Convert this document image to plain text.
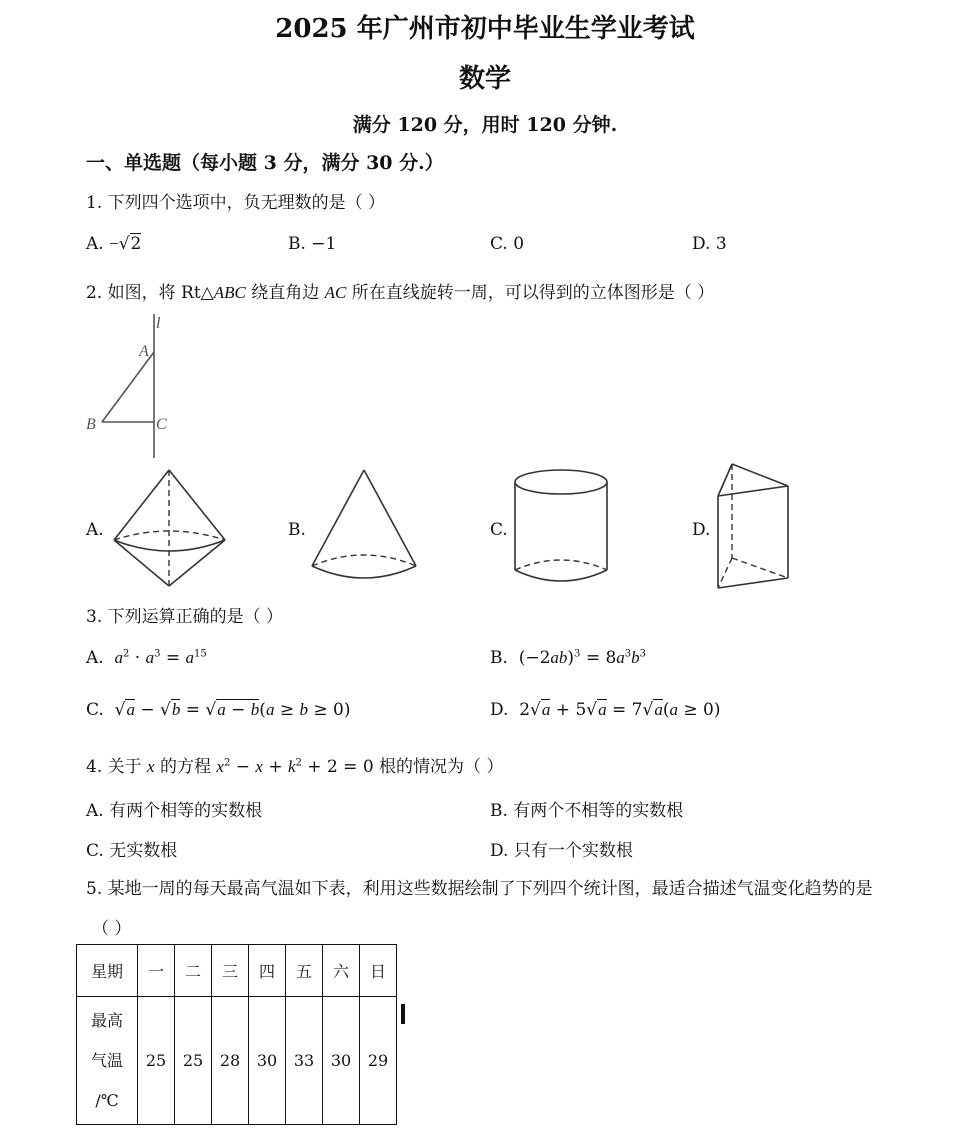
2025 年广州市初中毕业生学业考试
数学
满分 120 分，用时 120 分钟.
一、单选题（每小题 3 分，满分 30 分.）
1. 下列四个选项中，负无理数的是（ ）
A. −√2	B. −1	C. 0	D. 3
2. 如图，将 Rt△ABC 绕直角边 AC 所在直线旋转一周，可以得到的立体图形是（ ）
l
A
B	C
A.	B.	C.	D.
3. 下列运算正确的是（ ）
A. $a^2 \cdot a^3 = a^{15}$	B.  $(-2ab)^3 = 8a^3b^3$
C.  √a − √b = √a − b(a ≥ b ≥ 0)	D.  2√a + 5√a = 7√a(a ≥ 0)
4. 关于 x 的方程 $x^2 - x + k^2 + 2 = 0$ 根的情况为（ ）
A. 有两个相等的实数根	B. 有两个不相等的实数根
C. 无实数根	D. 只有一个实数根
5. 某地一周的每天最高气温如下表，利用这些数据绘制了下列四个统计图，最适合描述气温变化趋势的是
（ ）
星期	一	二	三	四	五	六	日

最高
气温
/℃	25	25	28	30	33	30	29
